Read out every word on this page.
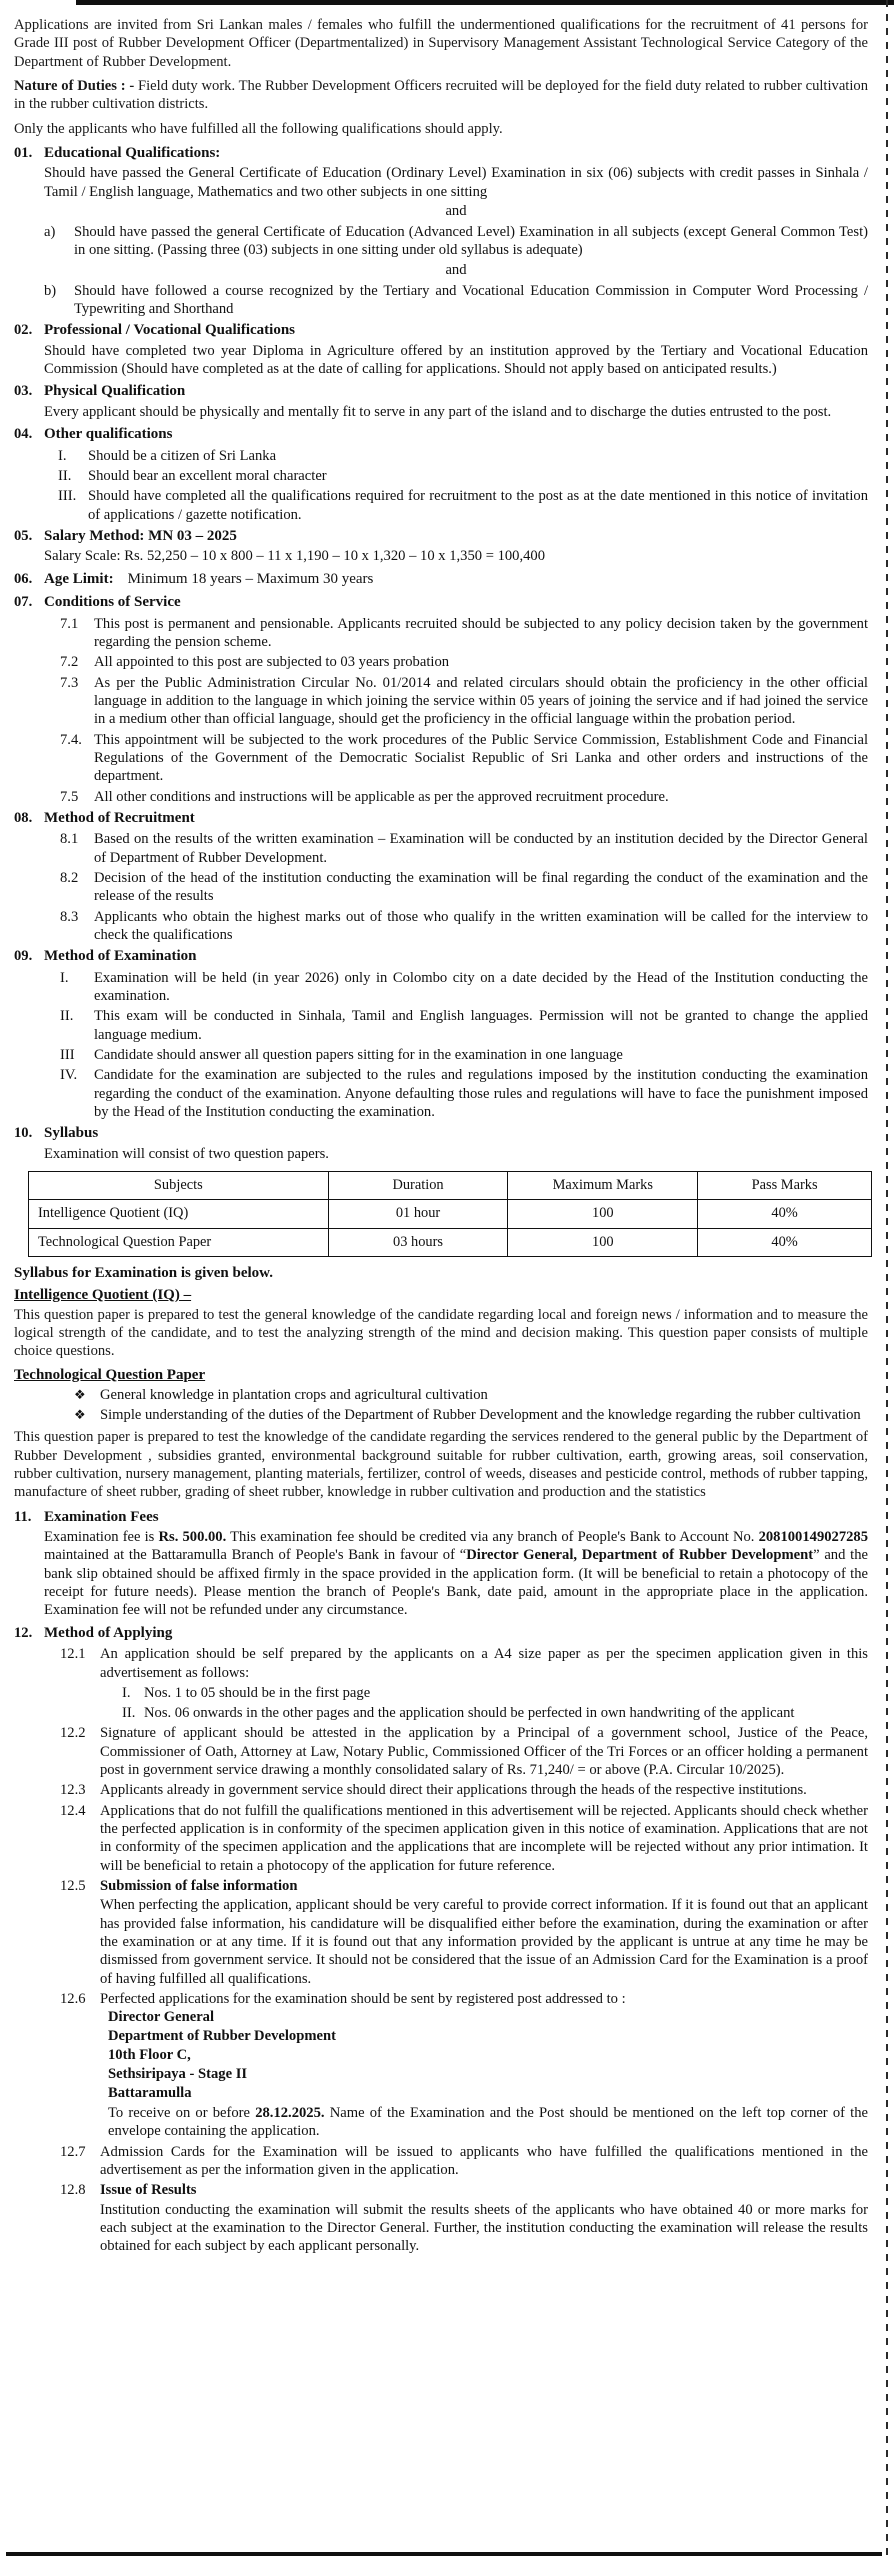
Applications are invited from Sri Lankan males / females who fulfill the undermentioned qualifications for the recruitment of 41 persons for Grade III post of Rubber Development Officer (Departmentalized) in Supervisory Management Assistant Technological Service Category of the Department of Rubber Development.

Nature of Duties : - Field duty work. The Rubber Development Officers recruited will be deployed for the field duty related to rubber cultivation in the rubber cultivation districts.

Only the applicants who have fulfilled all the following qualifications should apply.

01. Educational Qualifications:
Should have passed the General Certificate of Education (Ordinary Level) Examination in six (06) subjects with credit passes in Sinhala / Tamil / English language, Mathematics and two other subjects in one sitting
and
a)	Should have passed the general Certificate of Education (Advanced Level) Examination in all subjects (except General Common Test) in one sitting. (Passing three (03) subjects in one sitting under old syllabus is adequate)
and
b)	Should have followed a course recognized by the Tertiary and Vocational Education Commission in Computer Word Processing / Typewriting and Shorthand
02. Professional / Vocational Qualifications
Should have completed two year Diploma in Agriculture offered by an institution approved by the Tertiary and Vocational Education Commission (Should have completed as at the date of calling for applications. Should not apply based on anticipated results.)
03. Physical Qualification
Every applicant should be physically and mentally fit to serve in any part of the island and to discharge the duties entrusted to the post.
04. Other qualifications
I.	Should be a citizen of Sri Lanka
II.	Should bear an excellent moral character
III. Should have completed all the qualifications required for recruitment to the post as at the date mentioned in this notice of invitation of applications / gazette notification.
05. Salary Method: MN 03 – 2025
Salary Scale: Rs. 52,250 – 10 x 800 – 11 x 1,190 – 10 x 1,320 – 10 x 1,350 = 100,400
06. Age Limit: Minimum 18 years – Maximum 30 years
07. Conditions of Service
7.1	This post is permanent and pensionable. Applicants recruited should be subjected to any policy decision taken by the government regarding the pension scheme.
7.2	All appointed to this post are subjected to 03 years probation
7.3	As per the Public Administration Circular No. 01/2014 and related circulars should obtain the proficiency in the other official language in addition to the language in which joining the service within 05 years of joining the service and if had joined the service in a medium other than official language, should get the proficiency in the official language within the probation period.
7.4. This appointment will be subjected to the work procedures of the Public Service Commission, Establishment Code and Financial Regulations of the Government of the Democratic Socialist Republic of Sri Lanka and other orders and instructions of the department.
7.5	All other conditions and instructions will be applicable as per the approved recruitment procedure.
08. Method of Recruitment
8.1	Based on the results of the written examination – Examination will be conducted by an institution decided by the Director General of Department of Rubber Development.
8.2	Decision of the head of the institution conducting the examination will be final regarding the conduct of the examination and the release of the results
8.3	Applicants who obtain the highest marks out of those who qualify in the written examination will be called for the interview to check the qualifications
09. Method of Examination
I.	Examination will be held (in year 2026) only in Colombo city on a date decided by the Head of the Institution conducting the examination.
II.	This exam will be conducted in Sinhala, Tamil and English languages. Permission will not be granted to change the applied language medium.
III	Candidate should answer all question papers sitting for in the examination in one language
IV.	Candidate for the examination are subjected to the rules and regulations imposed by the institution conducting the examination regarding the conduct of the examination. Anyone defaulting those rules and regulations will have to face the punishment imposed by the Head of the Institution conducting the examination.
10. Syllabus
Examination will consist of two question papers.
Subjects	Duration	Maximum Marks	Pass Marks
Intelligence Quotient (IQ)	01 hour	100	40%
Technological Question Paper	03 hours	100	40%
Syllabus for Examination is given below.
Intelligence Quotient (IQ) –

This question paper is prepared to test the general knowledge of the candidate regarding local and foreign news / information and to measure the logical strength of the candidate, and to test the analyzing strength of the mind and decision making. This question paper consists of multiple choice questions.

Technological Question Paper
❖ General knowledge in plantation crops and agricultural cultivation
❖ Simple understanding of the duties of the Department of Rubber Development and the knowledge regarding the rubber cultivation

This question paper is prepared to test the knowledge of the candidate regarding the services rendered to the general public by the Department of Rubber Development , subsidies granted, environmental background suitable for rubber cultivation, earth, growing areas, soil conservation, rubber cultivation, nursery management, planting materials, fertilizer, control of weeds, diseases and pesticide control, methods of rubber tapping, manufacture of sheet rubber, grading of sheet rubber, knowledge in rubber cultivation and production and the statistics

11. Examination Fees
Examination fee is Rs. 500.00. This examination fee should be credited via any branch of People's Bank to Account No. 208100149027285 maintained at the Battaramulla Branch of People's Bank in favour of “Director General, Department of Rubber Development” and the bank slip obtained should be affixed firmly in the space provided in the application form. (It will be beneficial to retain a photocopy of the receipt for future needs). Please mention the branch of People's Bank, date paid, amount in the appropriate place in the application. Examination fee will not be refunded under any circumstance.
12. Method of Applying
12.1 An application should be self prepared by the applicants on a A4 size paper as per the specimen application given in this advertisement as follows:
I. Nos. 1 to 05 should be in the first page
II. Nos. 06 onwards in the other pages and the application should be perfected in own handwriting of the applicant
12.2 Signature of applicant should be attested in the application by a Principal of a government school, Justice of the Peace, Commissioner of Oath, Attorney at Law, Notary Public, Commissioned Officer of the Tri Forces or an officer holding a permanent post in government service drawing a monthly consolidated salary of Rs. 71,240/ = or above (P.A. Circular 10/2025).
12.3 Applicants already in government service should direct their applications through the heads of the respective institutions.
12.4 Applications that do not fulfill the qualifications mentioned in this advertisement will be rejected. Applicants should check whether the perfected application is in conformity of the specimen application given in this notice of examination. Applications that are not in conformity of the specimen application and the applications that are incomplete will be rejected without any prior intimation. It will be beneficial to retain a photocopy of the application for future reference.
12.5 Submission of false information
When perfecting the application, applicant should be very careful to provide correct information. If it is found out that an applicant has provided false information, his candidature will be disqualified either before the examination, during the examination or after the examination or at any time. If it is found out that any information provided by the applicant is untrue at any time he may be dismissed from government service. It should not be considered that the issue of an Admission Card for the Examination is a proof of having fulfilled all qualifications.
12.6 Perfected applications for the examination should be sent by registered post addressed to :
Director General
Department of Rubber Development
10th Floor C,
Sethsiripaya - Stage II
Battaramulla
To receive on or before 28.12.2025. Name of the Examination and the Post should be mentioned on the left top corner of the envelope containing the application.
12.7 Admission Cards for the Examination will be issued to applicants who have fulfilled the qualifications mentioned in the advertisement as per the information given in the application.
12.8 Issue of Results
Institution conducting the examination will submit the results sheets of the applicants who have obtained 40 or more marks for each subject at the examination to the Director General. Further, the institution conducting the examination will release the results obtained for each subject by each applicant personally.
